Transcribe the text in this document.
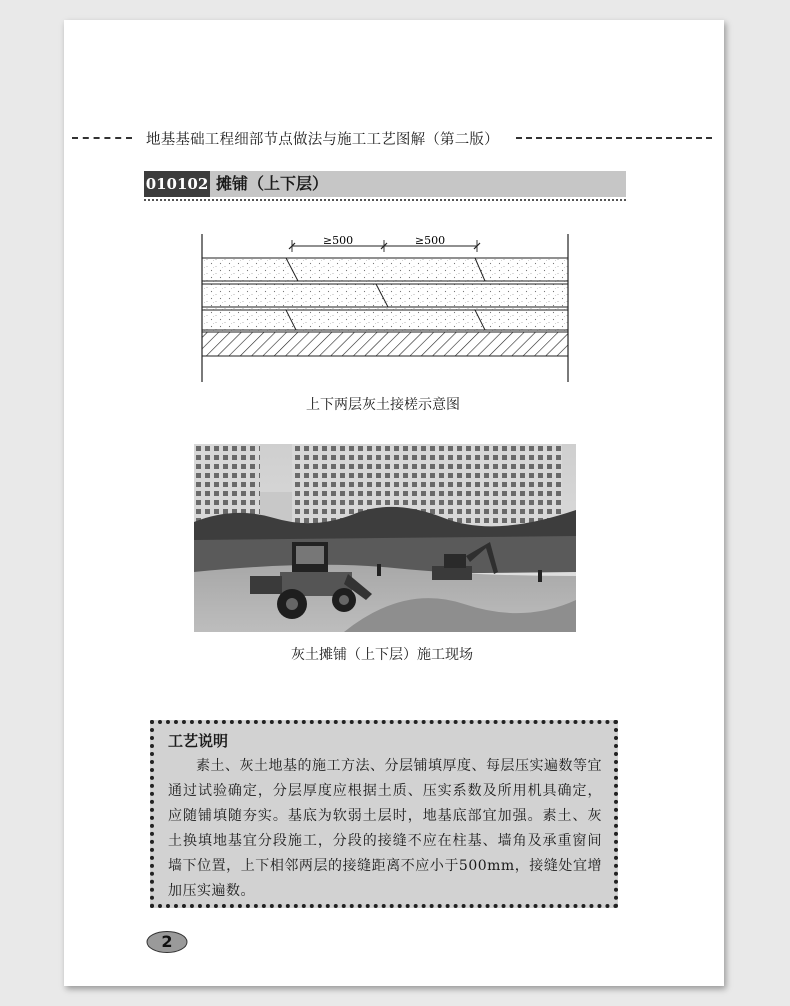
地基基础工程细部节点做法与施工工艺图解（第二版）
010102 摊铺（上下层）
≥500	≥500
上下两层灰土接槎示意图
灰土摊铺（上下层）施工现场
工艺说明
素土、灰土地基的施工方法、分层铺填厚度、每层压实遍数等宜通过试验确定，分层厚度应根据土质、压实系数及所用机具确定，应随铺填随夯实。基底为软弱土层时，地基底部宜加强。素土、灰土换填地基宜分段施工，分段的接缝不应在柱基、墙角及承重窗间墙下位置，上下相邻两层的接缝距离不应小于500mm，接缝处宜增加压实遍数。
2
